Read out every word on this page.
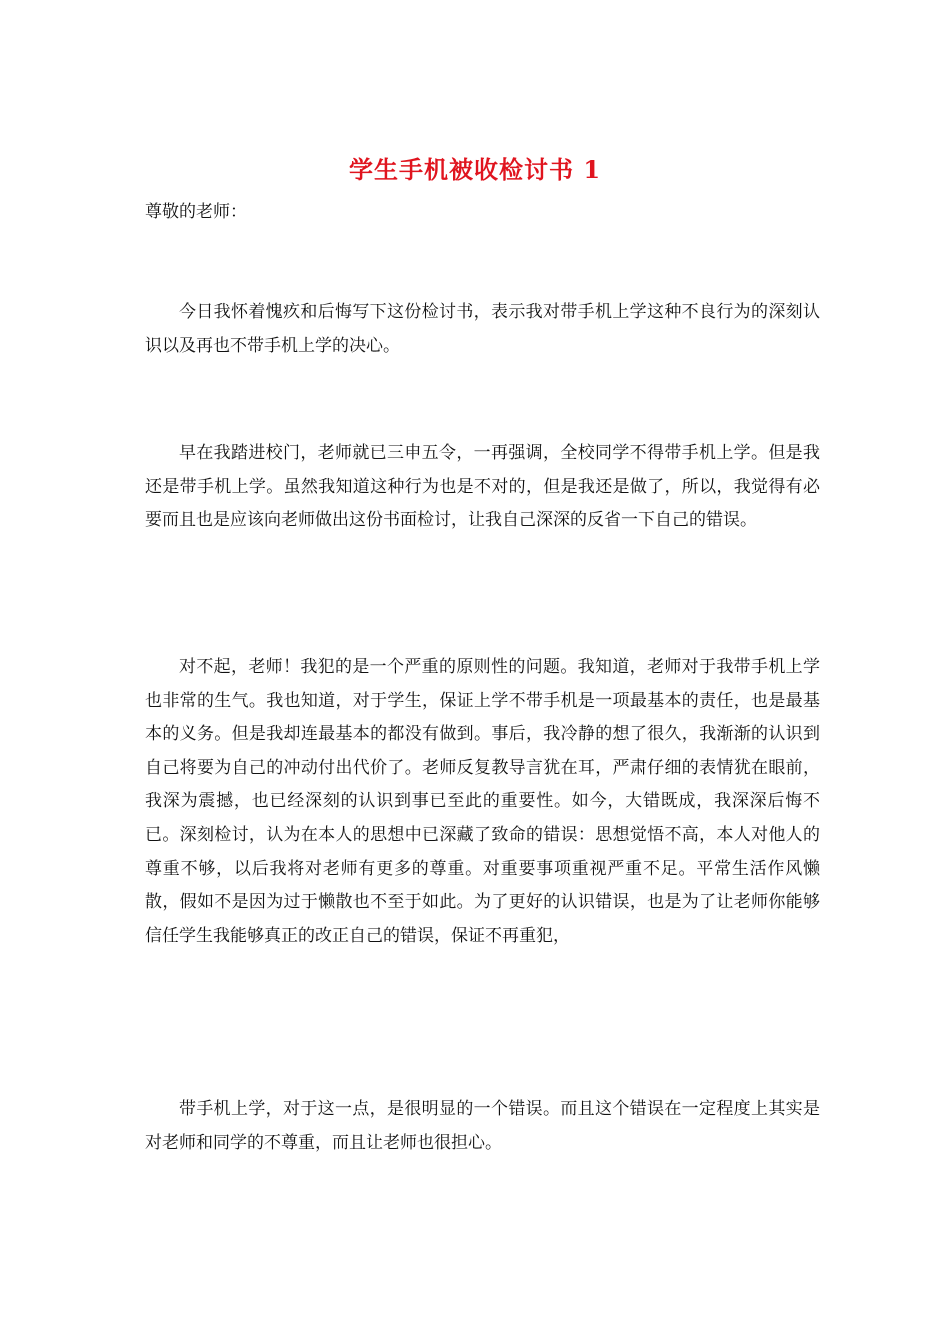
学生手机被收检讨书 1
尊敬的老师：

今日我怀着愧疚和后悔写下这份检讨书，表示我对带手机上学这种不良行为的深刻认识以及再也不带手机上学的决心。

早在我踏进校门，老师就已三申五令，一再强调，全校同学不得带手机上学。但是我还是带手机上学。虽然我知道这种行为也是不对的，但是我还是做了，所以，我觉得有必要而且也是应该向老师做出这份书面检讨，让我自己深深的反省一下自己的错误。

对不起，老师！我犯的是一个严重的原则性的问题。我知道，老师对于我带手机上学也非常的生气。我也知道，对于学生，保证上学不带手机是一项最基本的责任，也是最基本的义务。但是我却连最基本的都没有做到。事后，我冷静的想了很久，我渐渐的认识到自己将要为自己的冲动付出代价了。老师反复教导言犹在耳，严肃仔细的表情犹在眼前，我深为震撼，也已经深刻的认识到事已至此的重要性。如今，大错既成，我深深后悔不已。深刻检讨，认为在本人的思想中已深藏了致命的错误：思想觉悟不高，本人对他人的尊重不够，以后我将对老师有更多的尊重。对重要事项重视严重不足。平常生活作风懒散，假如不是因为过于懒散也不至于如此。为了更好的认识错误，也是为了让老师你能够信任学生我能够真正的改正自己的错误，保证不再重犯，

带手机上学，对于这一点，是很明显的一个错误。而且这个错误在一定程度上其实是对老师和同学的不尊重，而且让老师也很担心。
